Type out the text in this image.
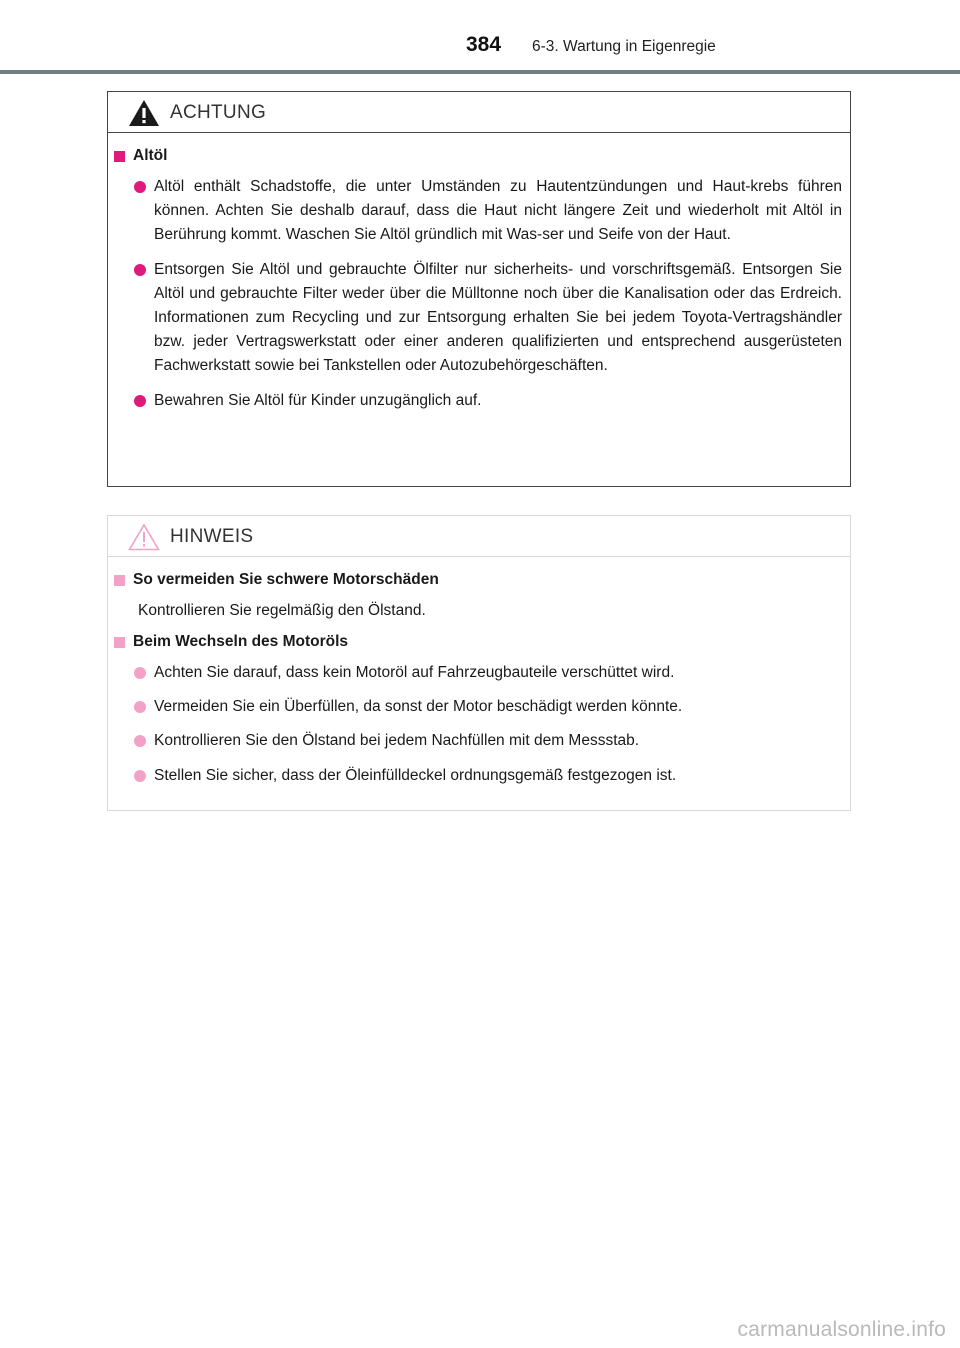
384 6-3. Wartung in Eigenregie
ACHTUNG
Altöl
Altöl enthält Schadstoffe, die unter Umständen zu Hautentzündungen und Haut-krebs führen können. Achten Sie deshalb darauf, dass die Haut nicht längere Zeit und wiederholt mit Altöl in Berührung kommt. Waschen Sie Altöl gründlich mit Was-ser und Seife von der Haut.
Entsorgen Sie Altöl und gebrauchte Ölfilter nur sicherheits- und vorschriftsgemäß. Entsorgen Sie Altöl und gebrauchte Filter weder über die Mülltonne noch über die Kanalisation oder das Erdreich. Informationen zum Recycling und zur Entsorgung erhalten Sie bei jedem Toyota-Vertragshändler bzw. jeder Vertragswerkstatt oder einer anderen qualifizierten und entsprechend ausgerüsteten Fachwerkstatt sowie bei Tankstellen oder Autozubehörgeschäften.
Bewahren Sie Altöl für Kinder unzugänglich auf.
HINWEIS
So vermeiden Sie schwere Motorschäden
Kontrollieren Sie regelmäßig den Ölstand.
Beim Wechseln des Motoröls
Achten Sie darauf, dass kein Motoröl auf Fahrzeugbauteile verschüttet wird.
Vermeiden Sie ein Überfüllen, da sonst der Motor beschädigt werden könnte.
Kontrollieren Sie den Ölstand bei jedem Nachfüllen mit dem Messstab.
Stellen Sie sicher, dass der Öleinfülldeckel ordnungsgemäß festgezogen ist.
carmanualsonline.info
